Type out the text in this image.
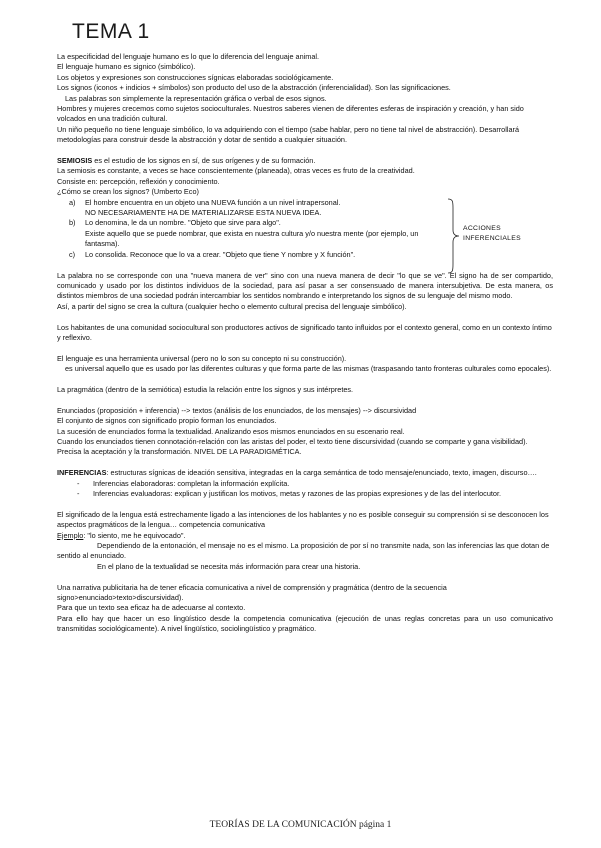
TEMA 1

La especificidad del lenguaje humano es lo que lo diferencia del lenguaje animal.

El lenguaje humano es signico (simbólico).

Los objetos y expresiones son construcciones sígnicas elaboradas sociológicamente.

Los signos (iconos + indicios + símbolos) son producto del uso de la abstracción (inferencialidad). Son las significaciones.

Las palabras son simplemente la representación gráfica o verbal de esos signos.

Hombres y mujeres crecemos como sujetos socioculturales. Nuestros saberes vienen de diferentes esferas de inspiración y creación, y han sido volcados en una tradición cultural.

Un niño pequeño no tiene lenguaje simbólico, lo va adquiriendo con el tiempo (sabe hablar, pero no tiene tal nivel de abstracción). Desarrollará metodologías para construir desde la abstracción y dotar de sentido a cualquier situación.

SEMIOSIS es el estudio de los signos en sí, de sus orígenes y de su formación.

La semiosis es constante, a veces se hace conscientemente (planeada), otras veces es fruto de la creatividad.

Consiste en: percepción, reflexión y conocimiento.

¿Cómo se crean los signos? (Umberto Eco)

a) El hombre encuentra en un objeto una NUEVA función a un nivel intrapersonal.

NO NECESARIAMENTE HA DE MATERIALIZARSE ESTA NUEVA IDEA.

b) Lo denomina, le da un nombre. "Objeto que sirve para algo".

Existe aquello que se puede nombrar, que exista en nuestra cultura y/o nuestra mente (por ejemplo, un fantasma).

c) Lo consolida. Reconoce que lo va a crear. "Objeto que tiene Y nombre y X función".

ACCIONES
INFERENCIALES

La palabra no se corresponde con una "nueva manera de ver" sino con una nueva manera de decir "lo que se ve". El signo ha de ser compartido, comunicado y usado por los distintos individuos de la sociedad, para así pasar a ser consensuado de manera intersubjetiva. De esta manera, os distintos miembros de una sociedad podrán intercambiar los sentidos nombrando e interpretando los signos de su lenguaje del mismo modo.

Así, a partir del signo se crea la cultura (cualquier hecho o elemento cultural precisa del lenguaje simbólico).

Los habitantes de una comunidad sociocultural son productores activos de significado tanto influidos por el contexto general, como en un contexto íntimo y reflexivo.

El lenguaje es una herramienta universal (pero no lo son su concepto ni su construcción).

es universal aquello que es usado por las diferentes culturas y que forma parte de las mismas (traspasando tanto fronteras culturales como epocales).

La pragmática (dentro de la semiótica) estudia la relación entre los signos y sus intérpretes.

Enunciados (proposición + inferencia) --> textos (análisis de los enunciados, de los mensajes) --> discursividad

El conjunto de signos con significado propio forman los enunciados.

La sucesión de enunciados forma la textualidad. Analizando esos mismos enunciados en su escenario real.

Cuando los enunciados tienen connotación-relación con las aristas del poder, el texto tiene discursividad (cuando se comparte y gana visibilidad). Precisa la aceptación y la transformación. NIVEL DE LA PARADIGMÉTICA.

INFERENCIAS: estructuras sígnicas de ideación sensitiva, integradas en la carga semántica de todo mensaje/enunciado, texto, imagen, discurso….

- Inferencias elaboradoras: completan la información explícita.

- Inferencias evaluadoras: explican y justifican los motivos, metas y razones de las propias expresiones y de las del interlocutor.

El significado de la lengua está estrechamente ligado a las intenciones de los hablantes y no es posible conseguir su comprensión si se desconocen los aspectos pragmáticos de la lengua… competencia comunicativa

Ejemplo: "lo siento, me he equivocado".

Dependiendo de la entonación, el mensaje no es el mismo. La proposición de por sí no transmite nada, son las inferencias las que dotan de sentido al enunciado.

En el plano de la textualidad se necesita más información para crear una historia.

Una narrativa publicitaria ha de tener eficacia comunicativa a nivel de comprensión y pragmática (dentro de la secuencia signo>enunciado>texto>discursividad).

Para que un texto sea eficaz ha de adecuarse al contexto.

Para ello hay que hacer un eso lingüístico desde la competencia comunicativa (ejecución de unas reglas concretas para un uso comunicativo transmitidas sociológicamente). A nivel lingüístico, sociolingüístico y pragmático.

TEORÍAS DE LA COMUNICACIÓN página 1
